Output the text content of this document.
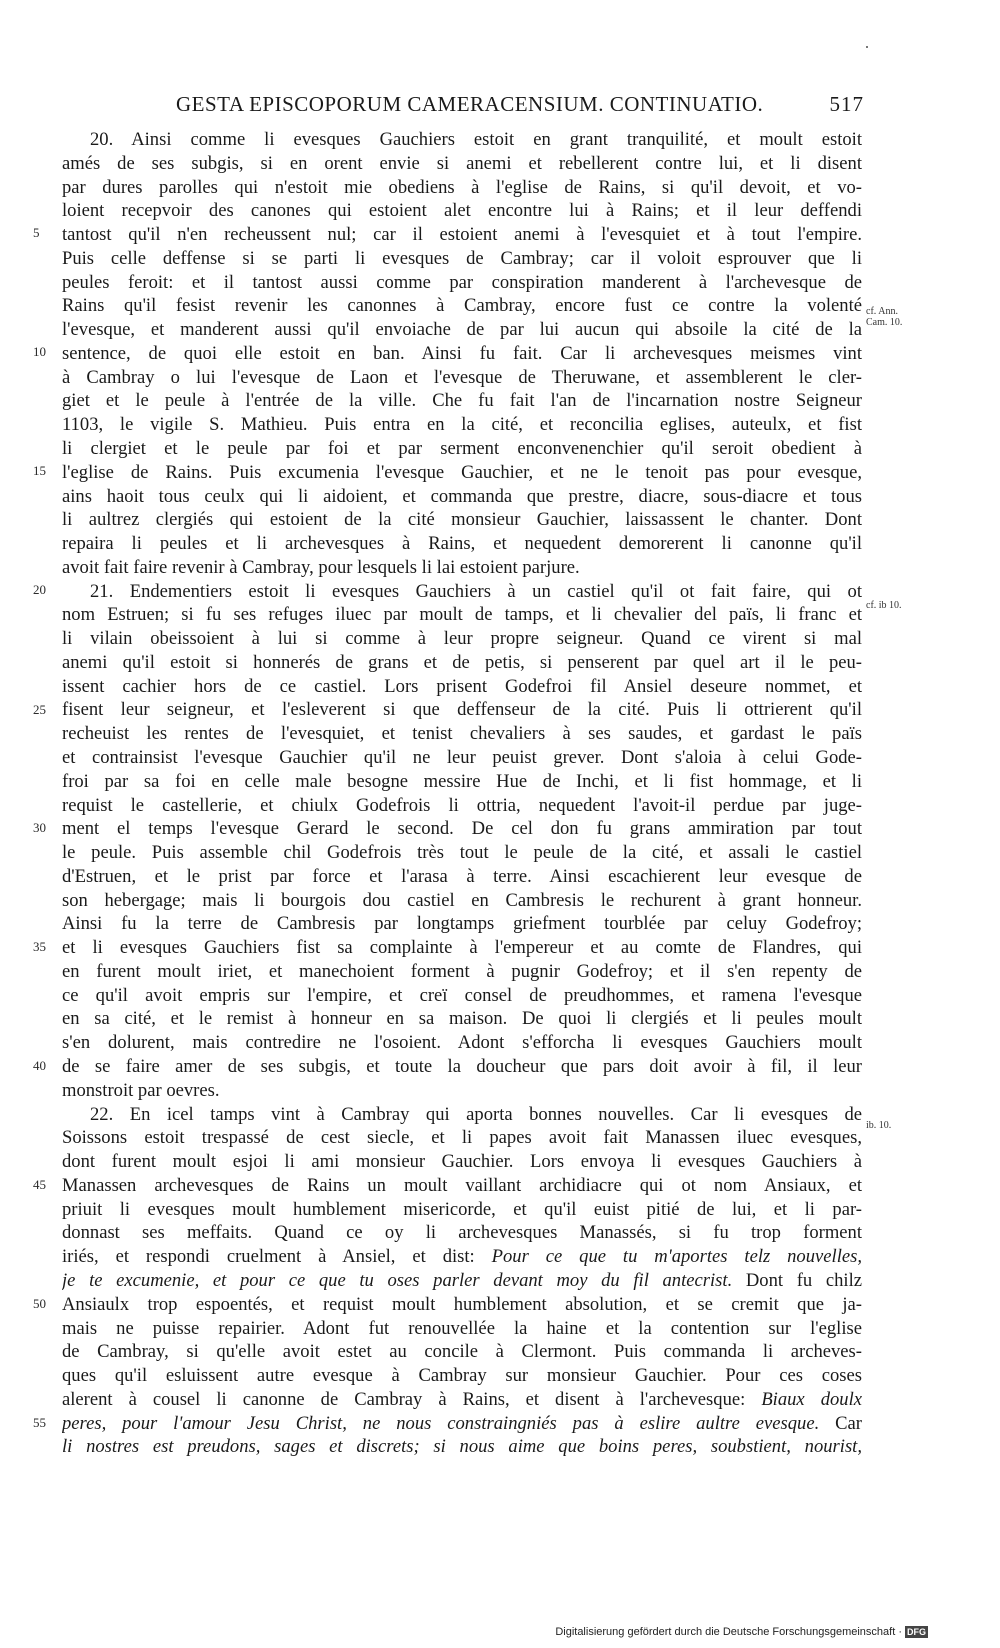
GESTA EPISCOPORUM CAMERACENSIUM. CONTINUATIO.	517
20. Ainsi comme li evesques Gauchiers estoit en grant tranquilité, et moult estoit
amés de ses subgis, si en orent envie si anemi et rebellerent contre lui, et li disent
par dures parolles qui n'estoit mie obediens à l'eglise de Rains, si qu'il devoit, et vo-
loient recepvoir des canones qui estoient alet encontre lui à Rains; et il leur deffendi
tantost qu'il n'en recheussent nul; car il estoient anemi à l'evesquiet et à tout l'empire.
Puis celle deffense si se parti li evesques de Cambray; car il voloit esprouver que li
peules feroit: et il tantost aussi comme par conspiration manderent à l'archevesque de
Rains qu'il fesist revenir les canonnes à Cambray, encore fust ce contre la volenté
l'evesque, et manderent aussi qu'il envoiache de par lui aucun qui absoile la cité de la
sentence, de quoi elle estoit en ban. Ainsi fu fait. Car li archevesques meismes vint
à Cambray o lui l'evesque de Laon et l'evesque de Theruwane, et assemblerent le cler-
giet et le peule à l'entrée de la ville. Che fu fait l'an de l'incarnation nostre Seigneur
1103, le vigile S. Mathieu. Puis entra en la cité, et reconcilia eglises, auteulx, et fist
li clergiet et le peule par foi et par serment enconvenenchier qu'il seroit obedient à
l'eglise de Rains. Puis excumenia l'evesque Gauchier, et ne le tenoit pas pour evesque,
ains haoit tous ceulx qui li aidoient, et commanda que prestre, diacre, sous-diacre et tous
li aultrez clergiés qui estoient de la cité monsieur Gauchier, laissassent le chanter. Dont
repaira li peules et li archevesques à Rains, et nequedent demorerent li canonne qu'il
avoit fait faire revenir à Cambray, pour lesquels li lai estoient parjure.
21. Endementiers estoit li evesques Gauchiers à un castiel qu'il ot fait faire, qui ot
nom Estruen; si fu ses refuges iluec par moult de tamps, et li chevalier del païs, li franc et
li vilain obeissoient à lui si comme à leur propre seigneur. Quand ce virent si mal
anemi qu'il estoit si honnerés de grans et de petis, si penserent par quel art il le peu-
issent cachier hors de ce castiel. Lors prisent Godefroi fil Ansiel deseure nommet, et
fisent leur seigneur, et l'esleverent si que deffenseur de la cité. Puis li ottrierent qu'il
recheuist les rentes de l'evesquiet, et tenist chevaliers à ses saudes, et gardast le païs
et contrainsist l'evesque Gauchier qu'il ne leur peuist grever. Dont s'aloia à celui Gode-
froi par sa foi en celle male besogne messire Hue de Inchi, et li fist hommage, et li
requist le castellerie, et chiulx Godefrois li ottria, nequedent l'avoit-il perdue par juge-
ment el temps l'evesque Gerard le second. De cel don fu grans ammiration par tout
le peule. Puis assemble chil Godefrois très tout le peule de la cité, et assali le castiel
d'Estruen, et le prist par force et l'arasa à terre. Ainsi escachierent leur evesque de
son hebergage; mais li bourgois dou castiel en Cambresis le rechurent à grant honneur.
Ainsi fu la terre de Cambresis par longtamps griefment tourblée par celuy Godefroy;
et li evesques Gauchiers fist sa complainte à l'empereur et au comte de Flandres, qui
en furent moult iriet, et manechoient forment à pugnir Godefroy; et il s'en repenty de
ce qu'il avoit empris sur l'empire, et creï consel de preudhommes, et ramena l'evesque
en sa cité, et le remist à honneur en sa maison. De quoi li clergiés et li peules moult
s'en dolurent, mais contredire ne l'osoient. Adont s'efforcha li evesques Gauchiers moult
de se faire amer de ses subgis, et toute la doucheur que pars doit avoir à fil, il leur
monstroit par oevres.
22. En icel tamps vint à Cambray qui aporta bonnes nouvelles. Car li evesques de
Soissons estoit trespassé de cest siecle, et li papes avoit fait Manassen iluec evesques,
dont furent moult esjoi li ami monsieur Gauchier. Lors envoya li evesques Gauchiers à
Manassen archevesques de Rains un moult vaillant archidiacre qui ot nom Ansiaux, et
priuit li evesques moult humblement misericorde, et qu'il euist pitié de lui, et li par-
donnast ses meffaits. Quand ce oy li archevesques Manassés, si fu trop forment
iriés, et respondi cruelment à Ansiel, et dist: Pour ce que tu m'aportes telz nouvelles,
je te excumenie, et pour ce que tu oses parler devant moy du fil antecrist. Dont fu chilz
Ansiaulx trop espoentés, et requist moult humblement absolution, et se cremit que ja-
mais ne puisse repairier. Adont fut renouvellée la haine et la contention sur l'eglise
de Cambray, si qu'elle avoit estet au concile à Clermont. Puis commanda li archeves-
ques qu'il esluissent autre evesque à Cambray sur monsieur Gauchier. Pour ces coses
alerent à cousel li canonne de Cambray à Rains, et disent à l'archevesque: Biaux doulx
peres, pour l'amour Jesu Christ, ne nous constraingniés pas à eslire aultre evesque. Car
li nostres est preudons, sages et discrets; si nous aime que boins peres, soubstient, nourist,
5
10
15
20
25
30
35
40
45
50
55
cf. Ann.
Cam. 10.
cf. ib 10.
ib. 10.
Digitalisierung gefördert durch die Deutsche Forschungsgemeinschaft · DFG
